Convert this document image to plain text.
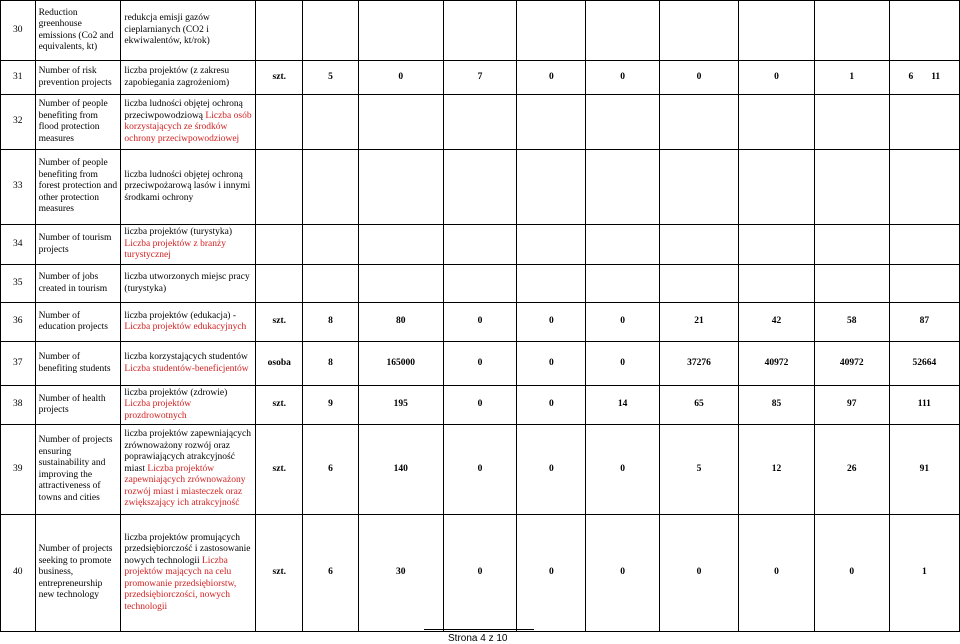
30	Reduction greenhouse emissions (Co2 and equivalents, kt)	redukcja emisji gazów cieplarnianych (CO2 i ekwiwalentów, kt/rok)										
31	Number of risk prevention projects	liczba projektów (z zakresu zapobiegania zagrożeniom)	szt.	5	0	7	0	0	0	0	1	6 11
32	Number of people benefiting from flood protection measures	liczba ludności objętej ochroną przeciwpowodziową Liczba osób korzystających ze środków ochrony przeciwpowodziowej										
33	Number of people benefiting from forest protection and other protection measures	liczba ludności objętej ochroną przeciwpożarową lasów i innymi środkami ochrony										
34	Number of tourism projects	liczba projektów (turystyka) Liczba projektów z branży turystycznej										
35	Number of jobs created in tourism	liczba utworzonych miejsc pracy (turystyka)										
36	Number of education projects	liczba projektów (edukacja) - Liczba projektów edukacyjnych	szt.	8	80	0	0	0	21	42	58	87
37	Number of benefiting students	liczba korzystających studentów Liczba studentów-beneficjentów	osoba	8	165000	0	0	0	37276	40972	40972	52664
38	Number of health projects	liczba projektów (zdrowie) Liczba projektów prozdrowotnych	szt.	9	195	0	0	14	65	85	97	111
39	Number of projects ensuring sustainability and improving the attractiveness of towns and cities	liczba projektów zapewniających zrównoważony rozwój oraz poprawiających atrakcyjność miast Liczba projektów zapewniających zrównoważony rozwój miast i miasteczek oraz zwiększający ich atrakcyjność	szt.	6	140	0	0	0	5	12	26	91
40	Number of projects seeking to promote business, entrepreneurship new technology	liczba projektów promujących przedsiębiorczość i zastosowanie nowych technologii Liczba projektów mających na celu promowanie przedsiębiorstw, przedsiębiorczości, nowych technologii	szt.	6	30	0	0	0	0	0	0	1
Strona 4 z 10
